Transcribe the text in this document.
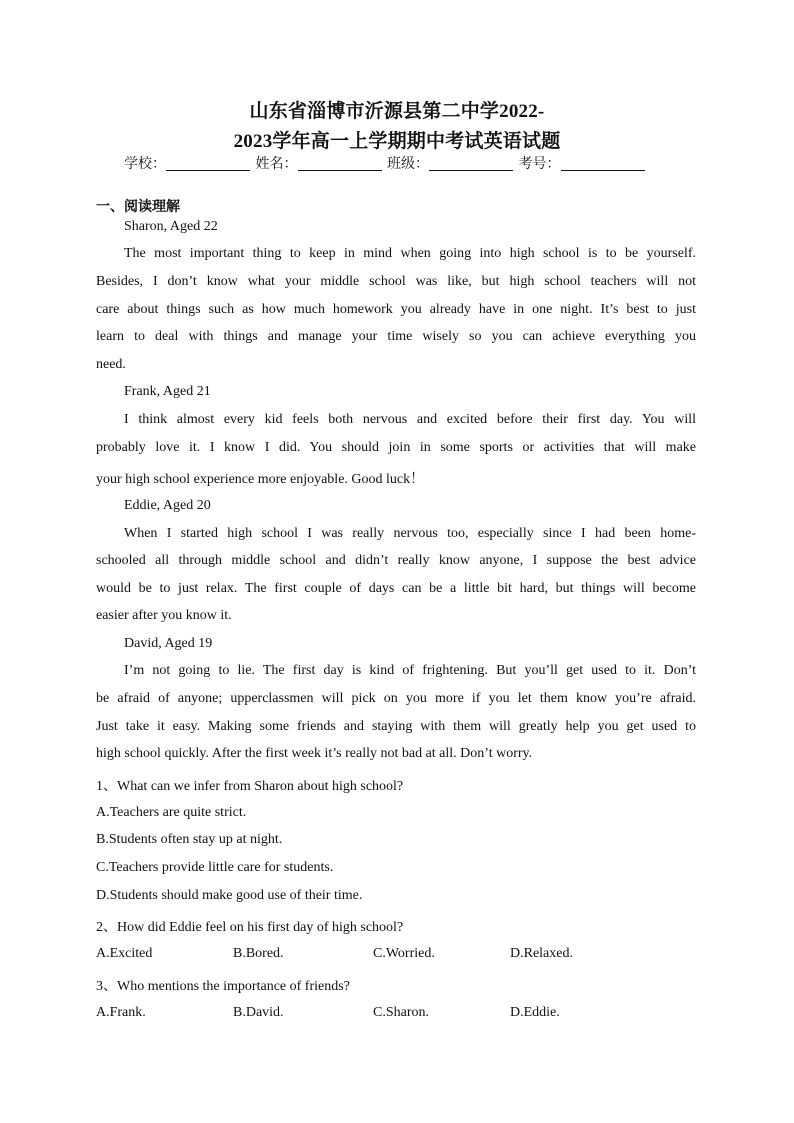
山东省淄博市沂源县第二中学2022-
2023学年高一上学期期中考试英语试题
学校：	姓名：	班级：	考号：
一、阅读理解
Sharon, Aged 22
The most important thing to keep in mind when going into high school is to be yourself.
Besides, I don’t know what your middle school was like, but high school teachers will not
care about things such as how much homework you already have in one night. It’s best to just
learn to deal with things and manage your time wisely so you can achieve everything you
need.
Frank, Aged 21
I think almost every kid feels both nervous and excited before their first day. You will
probably love it. I know I did. You should join in some sports or activities that will make
your high school experience more enjoyable. Good luck！
Eddie, Aged 20
When I started high school I was really nervous too, especially since I had been home-
schooled all through middle school and didn’t really know anyone, I suppose the best advice
would be to just relax. The first couple of days can be a little bit hard, but things will become
easier after you know it.
David, Aged 19
I’m not going to lie. The first day is kind of frightening. But you’ll get used to it. Don’t
be afraid of anyone; upperclassmen will pick on you more if you let them know you’re afraid.
Just take it easy. Making some friends and staying with them will greatly help you get used to
high school quickly. After the first week it’s really not bad at all. Don’t worry.
1、What can we infer from Sharon about high school?
A.Teachers are quite strict.
B.Students often stay up at night.
C.Teachers provide little care for students.
D.Students should make good use of their time.
2、How did Eddie feel on his first day of high school?
A.Excited	B.Bored.	C.Worried.	D.Relaxed.
3、Who mentions the importance of friends?
A.Frank.	B.David.	C.Sharon.	D.Eddie.
